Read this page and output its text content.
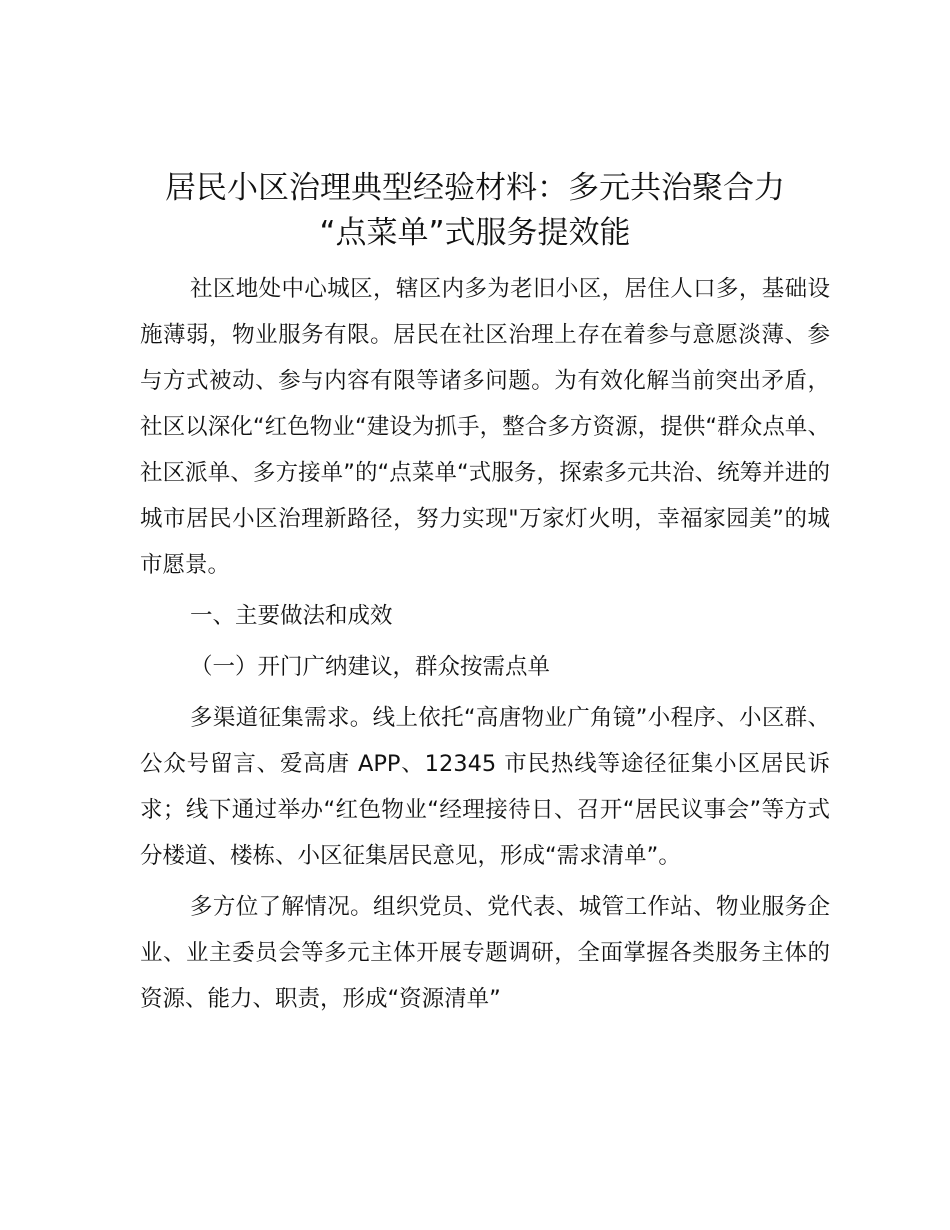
居民小区治理典型经验材料：多元共治聚合力
“点菜单”式服务提效能

社区地处中心城区，辖区内多为老旧小区，居住人口多，基础设施薄弱，物业服务有限。居民在社区治理上存在着参与意愿淡薄、参与方式被动、参与内容有限等诸多问题。为有效化解当前突出矛盾，社区以深化“红色物业“建设为抓手，整合多方资源，提供“群众点单、社区派单、多方接单”的“点菜单“式服务，探索多元共治、统筹并进的城市居民小区治理新路径，努力实现"万家灯火明，幸福家园美”的城市愿景。

一、主要做法和成效

（一）开门广纳建议，群众按需点单

多渠道征集需求。线上依托“高唐物业广角镜”小程序、小区群、公众号留言、爱高唐 APP、12345 市民热线等途径征集小区居民诉求；线下通过举办“红色物业“经理接待日、召开“居民议事会”等方式分楼道、楼栋、小区征集居民意见，形成“需求清单”。

多方位了解情况。组织党员、党代表、城管工作站、物业服务企业、业主委员会等多元主体开展专题调研，全面掌握各类服务主体的资源、能力、职责，形成“资源清单”
